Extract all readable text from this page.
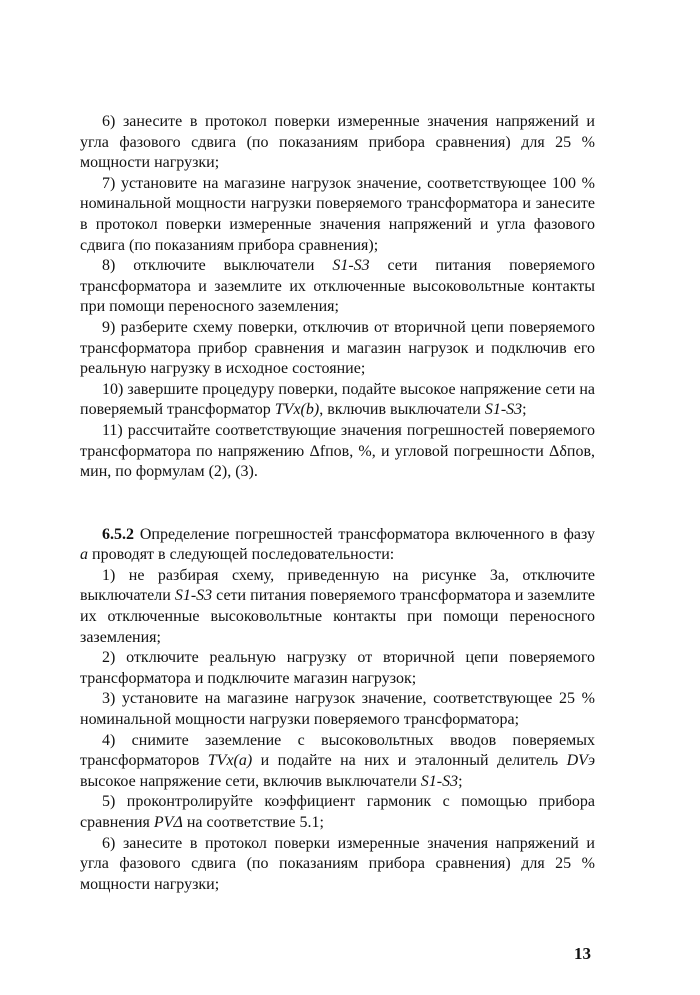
6) занесите в протокол поверки измеренные значения напряжений и угла фазового сдвига (по показаниям прибора сравнения) для 25 % мощности нагрузки;

7) установите на магазине нагрузок значение, соответствующее 100 % номинальной мощности нагрузки поверяемого трансформатора и занесите в протокол поверки измеренные значения напряжений и угла фазового сдвига (по показаниям прибора сравнения);

8) отключите выключатели S1-S3 сети питания поверяемого трансформатора и заземлите их отключенные высоковольтные контакты при помощи переносного заземления;

9) разберите схему поверки, отключив от вторичной цепи поверяемого трансформатора прибор сравнения и магазин нагрузок и подключив его реальную нагрузку в исходное состояние;

10) завершите процедуру поверки, подайте высокое напряжение сети на поверяемый трансформатор TVx(b), включив выключатели S1-S3;

11) рассчитайте соответствующие значения погрешностей поверяемого трансформатора по напряжению Δfпов, %, и угловой погрешности Δδпов, мин, по формулам (2), (3).

6.5.2 Определение погрешностей трансформатора включенного в фазу a проводят в следующей последовательности:

1) не разбирая схему, приведенную на рисунке 3а, отключите выключатели S1-S3 сети питания поверяемого трансформатора и заземлите их отключенные высоковольтные контакты при помощи переносного заземления;

2) отключите реальную нагрузку от вторичной цепи поверяемого трансформатора и подключите магазин нагрузок;

3) установите на магазине нагрузок значение, соответствующее 25 % номинальной мощности нагрузки поверяемого трансформатора;

4) снимите заземление с высоковольтных вводов поверяемых трансформаторов TVx(a) и подайте на них и эталонный делитель DVэ высокое напряжение сети, включив выключатели S1-S3;

5) проконтролируйте коэффициент гармоник с помощью прибора сравнения PVΔ на соответствие 5.1;

6) занесите в протокол поверки измеренные значения напряжений и угла фазового сдвига (по показаниям прибора сравнения) для 25 % мощности нагрузки;

13
